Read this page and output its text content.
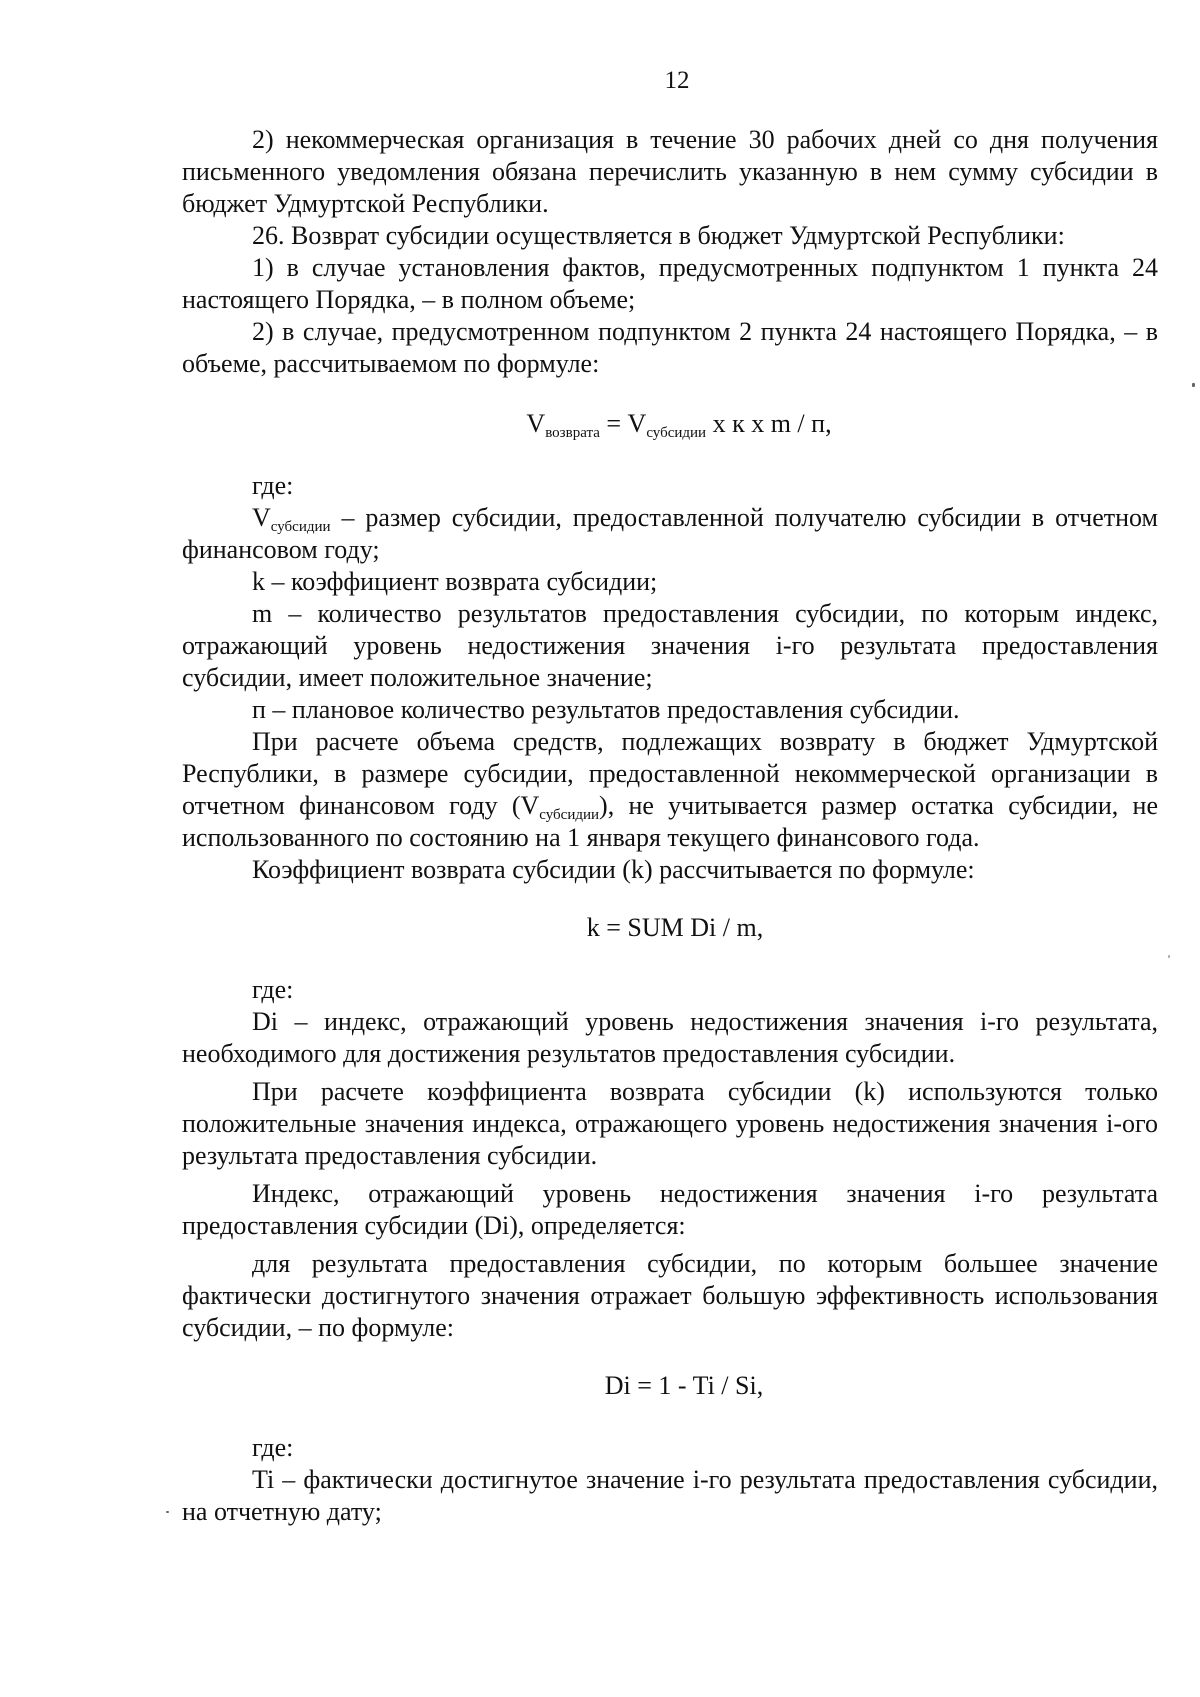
12

2) некоммерческая организация в течение 30 рабочих дней со дня получения письменного уведомления обязана перечислить указанную в нем сумму субсидии в бюджет Удмуртской Республики.

26. Возврат субсидии осуществляется в бюджет Удмуртской Республики:

1) в случае установления фактов, предусмотренных подпунктом 1 пункта 24 настоящего Порядка, – в полном объеме;

2) в случае, предусмотренном подпунктом 2 пункта 24 настоящего Порядка, – в объеме, рассчитываемом по формуле:

$V_{возврата} = V_{субсидии}$ x к x m / п,

где:

$V_{субсидии}$ – размер субсидии, предоставленной получателю субсидии в отчетном финансовом году;

k – коэффициент возврата субсидии;

m – количество результатов предоставления субсидии, по которым индекс, отражающий уровень недостижения значения i-го результата предоставления субсидии, имеет положительное значение;

п – плановое количество результатов предоставления субсидии.

При расчете объема средств, подлежащих возврату в бюджет Удмуртской Республики, в размере субсидии, предоставленной некоммерческой организации в отчетном финансовом году $(V_{субсидии})$, не учитывается размер остатка субсидии, не использованного по состоянию на 1 января текущего финансового года.

Коэффициент возврата субсидии (k) рассчитывается по формуле:

k = SUM Di / m,

где:

Di – индекс, отражающий уровень недостижения значения i-го результата, необходимого для достижения результатов предоставления субсидии.

При расчете коэффициента возврата субсидии (k) используются только положительные значения индекса, отражающего уровень недостижения значения i-ого результата предоставления субсидии.

Индекс, отражающий уровень недостижения значения i-го результата предоставления субсидии (Di), определяется:

для результата предоставления субсидии, по которым большее значение фактически достигнутого значения отражает большую эффективность использования субсидии, – по формуле:

Di = 1 - Ti / Si,

где:

Ti – фактически достигнутое значение i-го результата предоставления субсидии, на отчетную дату;
